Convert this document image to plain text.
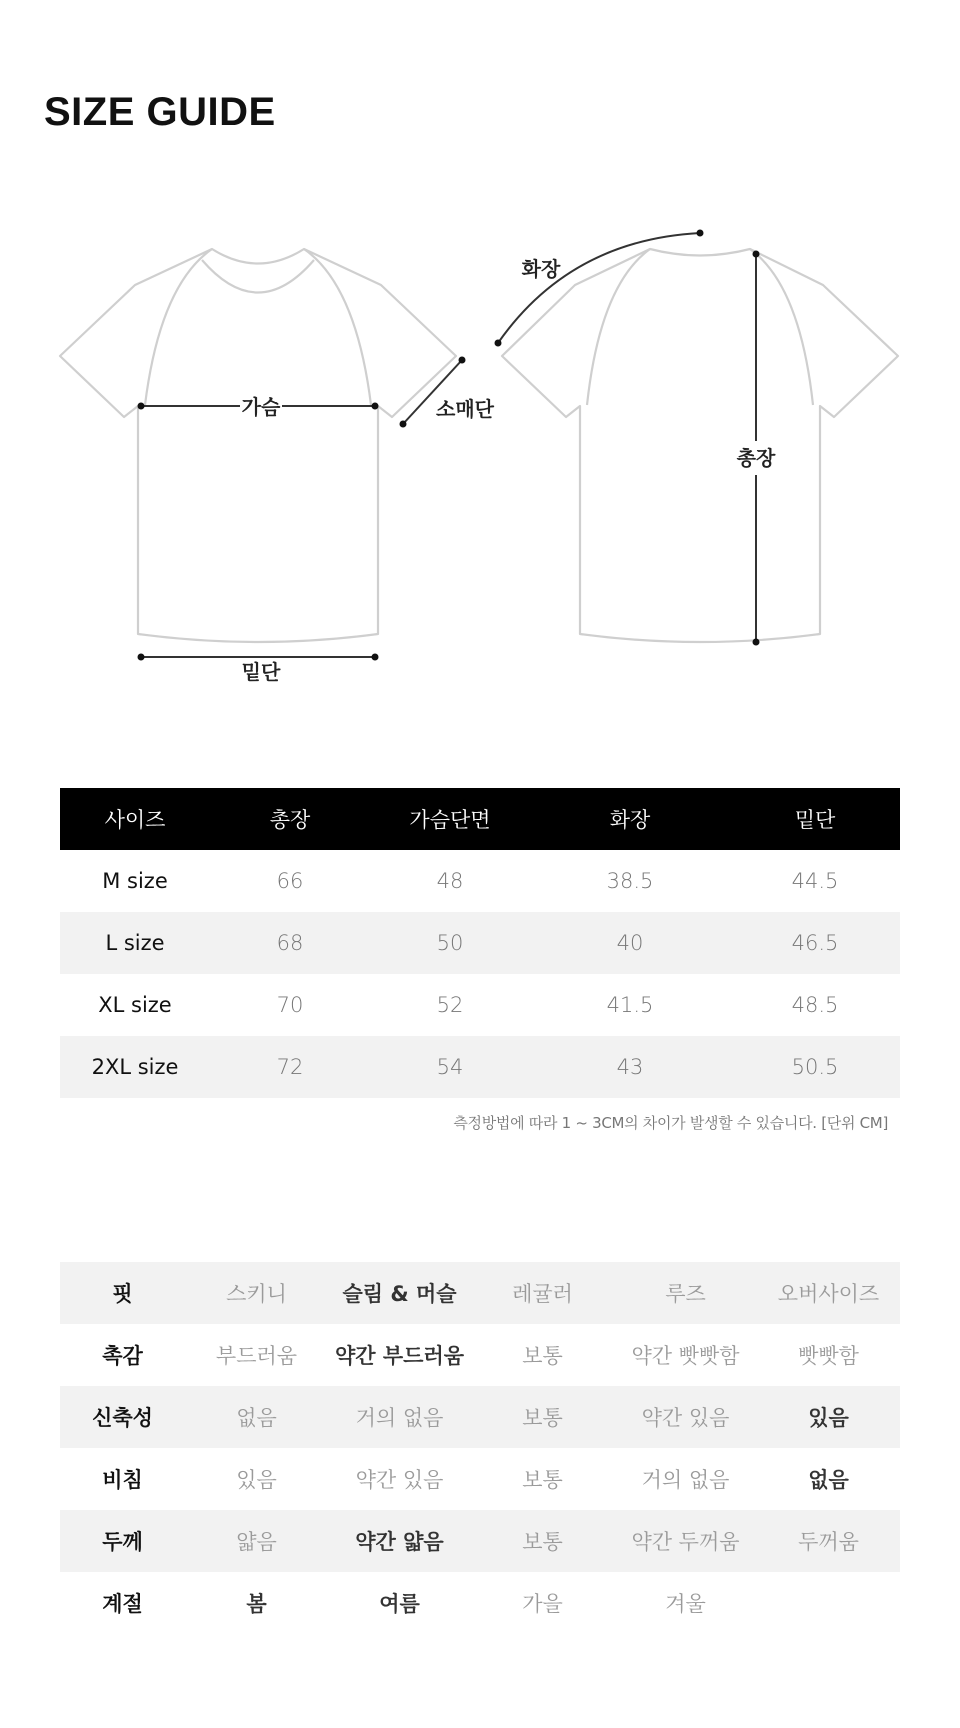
SIZE GUIDE
가슴	소매단
밑단
화장
총장
사이즈	총장	가슴단면	화장	밑단
M size	66	48	38.5	44.5
L size	68	50	40	46.5
XL size	70	52	41.5	48.5
2XL size	72	54	43	50.5

측정방법에 따라 1 ~ 3CM의 차이가 발생할 수 있습니다. [단위 CM]

핏	스키니	슬림 & 머슬	레귤러	루즈	오버사이즈
촉감	부드러움	약간 부드러움	보통	약간 빳빳함	빳빳함
신축성	없음	거의 없음	보통	약간 있음	있음
비침	있음	약간 있음	보통	거의 없음	없음
두께	얇음	약간 얇음	보통	약간 두꺼움	두꺼움
계절	봄	여름	가을	겨울	
